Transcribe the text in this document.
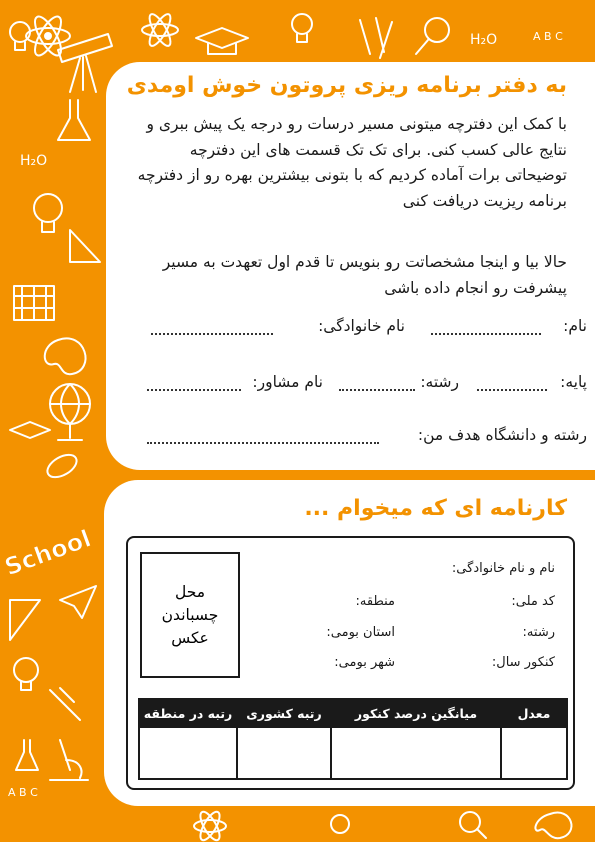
H₂O	A B C
H₂O
School
A B C
به دفتر برنامه ریزی پروتون خوش اومدی

با کمک این دفترچه میتونی مسیر درسات رو درجه یک پیش ببری و نتایج عالی کسب کنی. برای تک تک قسمت های این دفترچه توضیحاتی برات آماده کردیم که با بتونی بیشترین بهره رو از دفترچه برنامه ریزیت دریافت کنی

حالا بیا و اینجا مشخصاتت رو بنویس تا قدم اول تعهدت به مسیر پیشرفت رو انجام داده باشی

نام:
نام خانوادگی:
پایه:
رشته:
نام مشاور:
رشته و دانشگاه هدف من:
کارنامه ای که میخوام ...
محل چسباندن عکس
نام و نام خانوادگی:
کد ملی:
منطقه:
رشته:
استان بومی:
کنکور سال:
شهر بومی:
معدل	میانگین درصد کنکور	رتبه کشوری	رتبه در منطقه
